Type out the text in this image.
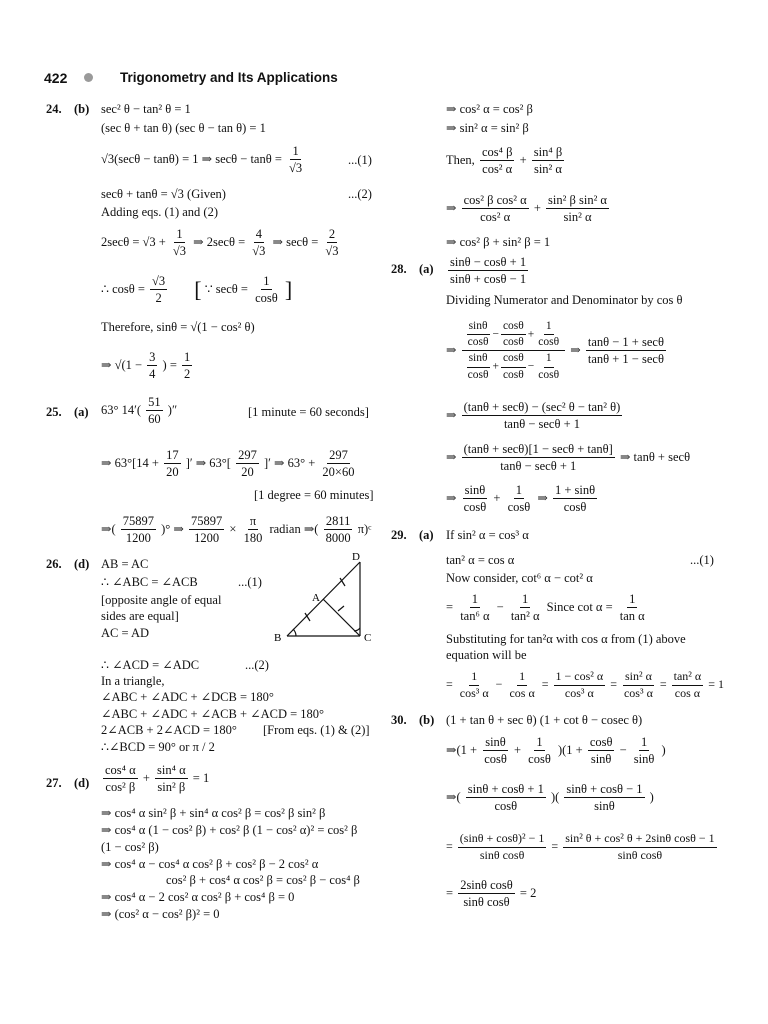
422	Trigonometry and Its Applications
24. (b) sec² θ − tan² θ = 1
(sec θ + tan θ) (sec θ − tan θ) = 1
√3(secθ − tanθ) = 1 ⇒ $\sec\theta - \tan\theta = \frac{1}{√3}$	...(1)
secθ + tanθ = √3 (Given)	...(2)
Adding eqs. (1) and (2)
$2\sec\theta = √3 + \frac{1}{√3}$ ⇒ $2\sec\theta = \frac{4}{√3}$ ⇒ $\sec\theta = \frac{2}{√3}$
∴ $\cos\theta = \frac{√3}{2}$ [ ∵ $\sec\theta = \frac{1}{\cos\theta}$ ]
Therefore, sinθ = √(1 − cos² θ)
⇒ $√(1 - \frac{3}{4}$ ) = $\frac{1}{2}$
25. (a) 63° $14'( \frac{51}{60}$ )″	[1 minute = 60 seconds]
⇒ $63^\circ[14 + \frac{17}{20}$ ]′ ⇒ $63^\circ[ \frac{297}{20}$ ]′ ⇒ $63^\circ + \frac{297}{20\times 60}$
[1 degree = 60 minutes]
⇒( $\frac{75897}{1200}$ )° ⇒ $\frac{75897}{1200} \times \frac{\pi}{180}$ radian ⇒( $\frac{2811}{8000}$ π)ᶜ
26. (d) AB = AC
∴ ∠ABC = ∠ACB	...(1)
[opposite angle of equal
sides are equal]
AC = AD
∴ ∠ACD = ∠ADC	...(2)
In a triangle,
∠ABC + ∠ADC + ∠DCB = 180°
∠ABC + ∠ADC + ∠ACB + ∠ACD = 180°
2∠ACB + 2∠ACD = 180° [From eqs. (1) & (2)]
∴∠BCD = 90° or π / 2
D
A
B	C
27. $(d) \frac{\text{cos⁴ α}}{\text{cos² β}} + \frac{\text{sin⁴ α}}{\text{sin² β}} = 1$
⇒ cos⁴ α sin² β + sin⁴ α cos² β = cos² β sin² β
⇒ cos⁴ α (1 − cos² β) + cos² β (1 − cos² α)² = cos² β
(1 − cos² β)
⇒ cos⁴ α − cos⁴ α cos² β + cos² β − 2 cos² α
cos² β + cos⁴ α cos² β = cos² β − cos⁴ β
⇒ cos⁴ α − 2 cos² α cos² β + cos⁴ β = 0
⇒ (cos² α − cos² β)² = 0
⇒ cos² α = cos² β
⇒ sin² α = sin² β
Then, $\frac{\text{cos⁴ β}}{\text{cos² α}} + \frac{\text{sin⁴ β}}{\text{sin² α}}$
⇒ $\frac{\text{cos² β cos² α}}{\text{cos² α}} + \frac{\text{sin² β sin² α}}{\text{sin² α}}$
⇒ cos² β + sin² β = 1
28. $(a) \frac{\sin\theta - \cos\theta + 1}{\sin\theta + \cos\theta - 1}$
Dividing Numerator and Denominator by cos θ
⇒ $\frac{\frac{\sin\theta}{\cos\theta} - \frac{\cos\theta}{\cos\theta} + \frac{1}{\cos\theta}}{\frac{\sin\theta}{\cos\theta} + \frac{\cos\theta}{\cos\theta} - \frac{1}{\cos\theta}}$ ⇒ $\frac{\tan\theta - 1 + \sec\theta}{\tan\theta + 1 - \sec\theta}$
⇒ $\frac{\text{(tanθ + secθ) − (sec² θ − tan² θ)}}{\tan\theta - \sec\theta + 1}$
⇒ $\frac{(\tan\theta + \sec\theta)[1 - \sec\theta + \tan\theta]}{\tan\theta - \sec\theta + 1}$ ⇒ tanθ + secθ
⇒ $\frac{\sin\theta}{\cos\theta} + \frac{1}{\cos\theta}$ ⇒ $\frac{1 + \sin\theta}{\cos\theta}$
29. (a) If sin² α = cos³ α
tan² α = cos α	...(1)
Now consider, cot⁶ α − cot² α
= $\frac{1}{\text{tan⁶ α}} - \frac{1}{\text{tan² α}}$ Since $\cot \alpha = \frac{1}{\text{tan α}}$
Substituting for tan²α with cos α from (1) above
equation will be
= $\frac{1}{\text{cos³ α}} - \frac{1}{\text{cos α}} = \frac{\text{1 − cos² α}}{\text{cos³ α}} = \frac{\text{sin² α}}{\text{cos³ α}} = \frac{\text{tan² α}}{\text{cos α}} = 1$
30. (b) (1 + tan θ + sec θ) (1 + cot θ − cosec θ)
⇒(1 + $\frac{\sin\theta}{\cos\theta} + \frac{1}{\cos\theta} )(1 + \frac{\cos\theta}{\sin\theta} - \frac{1}{\sin\theta}$ )
⇒( $\frac{\sin\theta + \cos\theta + 1}{\cos\theta}$ )( $\frac{\sin\theta + \cos\theta - 1}{\sin\theta}$ )
= $\frac{\text{(sinθ + cosθ)² − 1}}{\text{sinθ cosθ}} = \frac{\text{sin² θ + cos² θ + 2sinθ cosθ − 1}}{\text{sinθ cosθ}}$
= $\frac{\text{2sinθ cosθ}}{\text{sinθ cosθ}} = 2$
